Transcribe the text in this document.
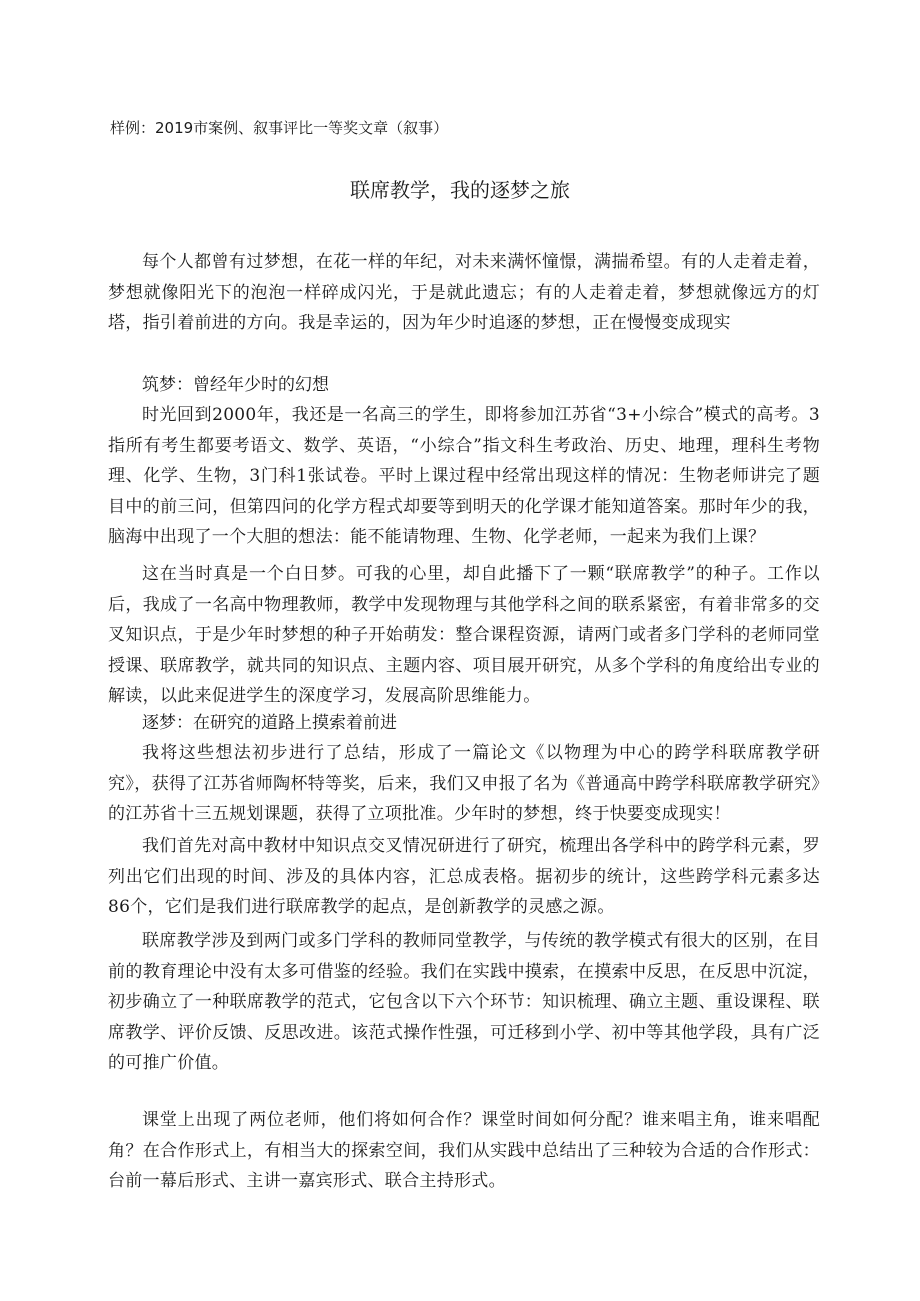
样例：2019市案例、叙事评比一等奖文章（叙事）
联席教学，我的逐梦之旅

每个人都曾有过梦想，在花一样的年纪，对未来满怀憧憬，满揣希望。有的人走着走着，梦想就像阳光下的泡泡一样碎成闪光，于是就此遗忘；有的人走着走着，梦想就像远方的灯塔，指引着前进的方向。我是幸运的，因为年少时追逐的梦想，正在慢慢变成现实

筑梦：曾经年少时的幻想

时光回到2000年，我还是一名高三的学生，即将参加江苏省“3+小综合”模式的高考。3指所有考生都要考语文、数学、英语，“小综合”指文科生考政治、历史、地理，理科生考物理、化学、生物，3门科1张试卷。平时上课过程中经常出现这样的情况：生物老师讲完了题目中的前三问，但第四问的化学方程式却要等到明天的化学课才能知道答案。那时年少的我，脑海中出现了一个大胆的想法：能不能请物理、生物、化学老师，一起来为我们上课？

这在当时真是一个白日梦。可我的心里，却自此播下了一颗“联席教学”的种子。工作以后，我成了一名高中物理教师，教学中发现物理与其他学科之间的联系紧密，有着非常多的交叉知识点，于是少年时梦想的种子开始萌发：整合课程资源，请两门或者多门学科的老师同堂授课、联席教学，就共同的知识点、主题内容、项目展开研究，从多个学科的角度给出专业的解读，以此来促进学生的深度学习，发展高阶思维能力。

逐梦：在研究的道路上摸索着前进

我将这些想法初步进行了总结，形成了一篇论文《以物理为中心的跨学科联席教学研究》，获得了江苏省师陶杯特等奖，后来，我们又申报了名为《普通高中跨学科联席教学研究》的江苏省十三五规划课题，获得了立项批准。少年时的梦想，终于快要变成现实！

我们首先对高中教材中知识点交叉情况研进行了研究，梳理出各学科中的跨学科元素，罗列出它们出现的时间、涉及的具体内容，汇总成表格。据初步的统计，这些跨学科元素多达86个，它们是我们进行联席教学的起点，是创新教学的灵感之源。

联席教学涉及到两门或多门学科的教师同堂教学，与传统的教学模式有很大的区别，在目前的教育理论中没有太多可借鉴的经验。我们在实践中摸索，在摸索中反思，在反思中沉淀，初步确立了一种联席教学的范式，它包含以下六个环节：知识梳理、确立主题、重设课程、联席教学、评价反馈、反思改进。该范式操作性强，可迁移到小学、初中等其他学段，具有广泛的可推广价值。

课堂上出现了两位老师，他们将如何合作？课堂时间如何分配？谁来唱主角，谁来唱配角？在合作形式上，有相当大的探索空间，我们从实践中总结出了三种较为合适的合作形式：台前一幕后形式、主讲一嘉宾形式、联合主持形式。
